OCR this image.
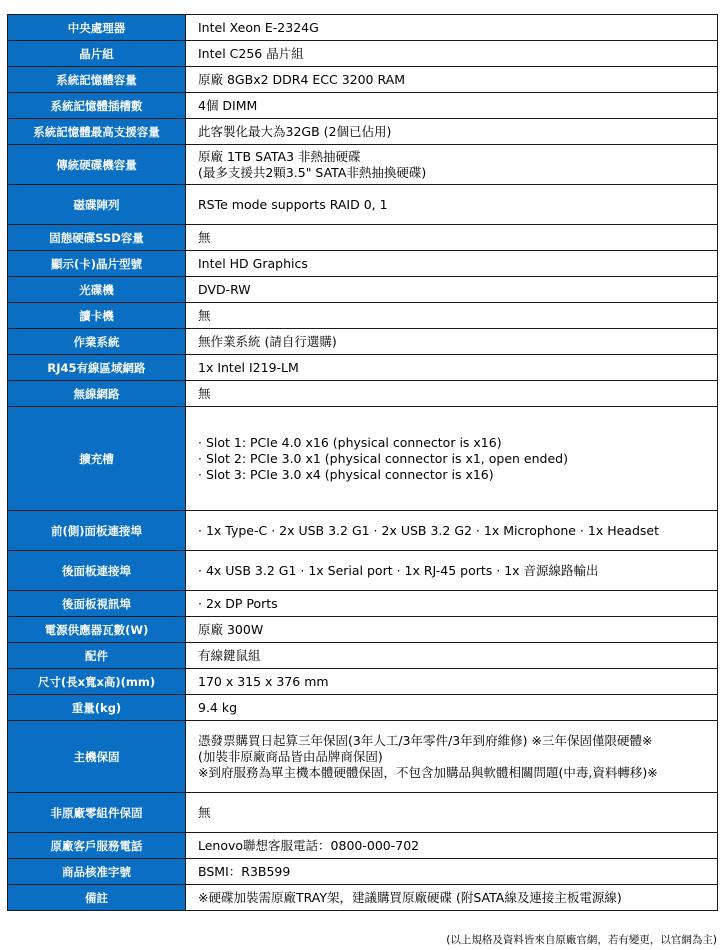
中央處理器	Intel Xeon E-2324G

晶片組	Intel C256 晶片組

系統記憶體容量	原廠 8GBx2 DDR4 ECC 3200 RAM

系統記憶體插槽數	4個 DIMM

系統記憶體最高支援容量	此客製化最大為32GB (2個已佔用)

傳統硬碟機容量	原廠 1TB SATA3 非熱抽硬碟
(最多支援共2顆3.5" SATA非熱抽換硬碟)

磁碟陣列	RSTe mode supports RAID 0, 1

固態硬碟SSD容量	無

顯示(卡)晶片型號	Intel HD Graphics

光碟機	DVD-RW

讀卡機	無

作業系統	無作業系統 (請自行選購)

RJ45有線區域網路	1x Intel I219-LM

無線網路	無

擴充槽	· Slot 1: PCIe 4.0 x16 (physical connector is x16)
· Slot 2: PCIe 3.0 x1 (physical connector is x1, open ended)
· Slot 3: PCIe 3.0 x4 (physical connector is x16)

前(側)面板連接埠	· 1x Type-C · 2x USB 3.2 G1 · 2x USB 3.2 G2 · 1x Microphone · 1x Headset

後面板連接埠	· 4x USB 3.2 G1 · 1x Serial port · 1x RJ-45 ports · 1x 音源線路輸出

後面板視訊埠	· 2x DP Ports

電源供應器瓦數(W)	原廠 300W

配件	有線鍵鼠組

尺寸(長x寬x高)(mm)	170 x 315 x 376 mm

重量(kg)	9.4 kg

主機保固	憑發票購買日起算三年保固(3年人工/3年零件/3年到府維修) ※三年保固僅限硬體※
(加裝非原廠商品皆由品牌商保固)
※到府服務為單主機本體硬體保固，不包含加購品與軟體相關問題(中毒,資料轉移)※

非原廠零組件保固	無

原廠客戶服務電話	Lenovo聯想客服電話：0800-000-702

商品核准字號	BSMI：R3B599

備註	※硬碟加裝需原廠TRAY架，建議購買原廠硬碟 (附SATA線及連接主板電源線)
(以上規格及資料皆來自原廠官網，若有變更，以官網為主)
